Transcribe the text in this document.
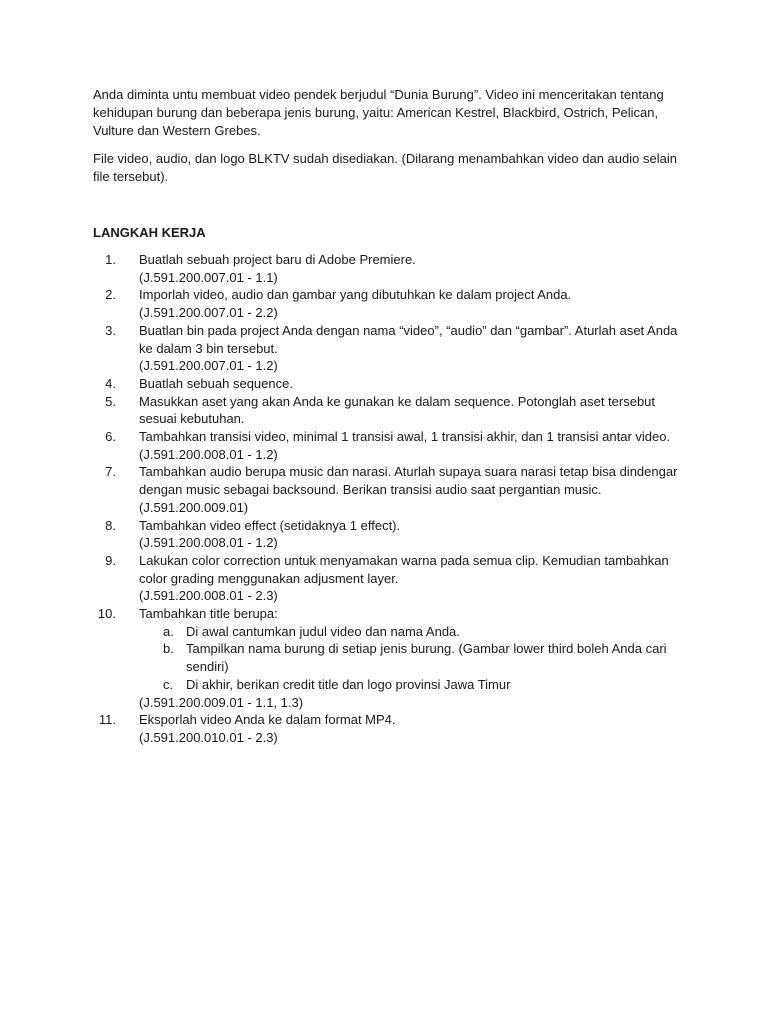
Anda diminta untu membuat video pendek berjudul “Dunia Burung”. Video ini menceritakan tentang kehidupan burung dan beberapa jenis burung, yaitu: American Kestrel, Blackbird, Ostrich, Pelican, Vulture dan Western Grebes.

File video, audio, dan logo BLKTV sudah disediakan. (Dilarang menambahkan video dan audio selain file tersebut).

LANGKAH KERJA
1. Buatlah sebuah project baru di Adobe Premiere.
(J.591.200.007.01 - 1.1)
2. Imporlah video, audio dan gambar yang dibutuhkan ke dalam project Anda.
(J.591.200.007.01 - 2.2)
3. Buatlan bin pada project Anda dengan nama “video”, “audio” dan “gambar”. Aturlah aset Anda ke dalam 3 bin tersebut.
(J.591.200.007.01 - 1.2)
4. Buatlah sebuah sequence.
5. Masukkan aset yang akan Anda ke gunakan ke dalam sequence. Potonglah aset tersebut sesuai kebutuhan.
6. Tambahkan transisi video, minimal 1 transisi awal, 1 transisi akhir, dan 1 transisi antar video.
(J.591.200.008.01 - 1.2)
7. Tambahkan audio berupa music dan narasi. Aturlah supaya suara narasi tetap bisa dindengar dengan music sebagai backsound. Berikan transisi audio saat pergantian music.
(J.591.200.009.01)
8. Tambahkan video effect (setidaknya 1 effect).
(J.591.200.008.01 - 1.2)
9. Lakukan color correction untuk menyamakan warna pada semua clip. Kemudian tambahkan color grading menggunakan adjusment layer.
(J.591.200.008.01 - 2.3)
10. Tambahkan title berupa:
a. Di awal cantumkan judul video dan nama Anda.
b. Tampilkan nama burung di setiap jenis burung. (Gambar lower third boleh Anda cari sendiri)
c. Di akhir, berikan credit title dan logo provinsi Jawa Timur
(J.591.200.009.01 - 1.1, 1.3)
11. Eksporlah video Anda ke dalam format MP4.
(J.591.200.010.01 - 2.3)
